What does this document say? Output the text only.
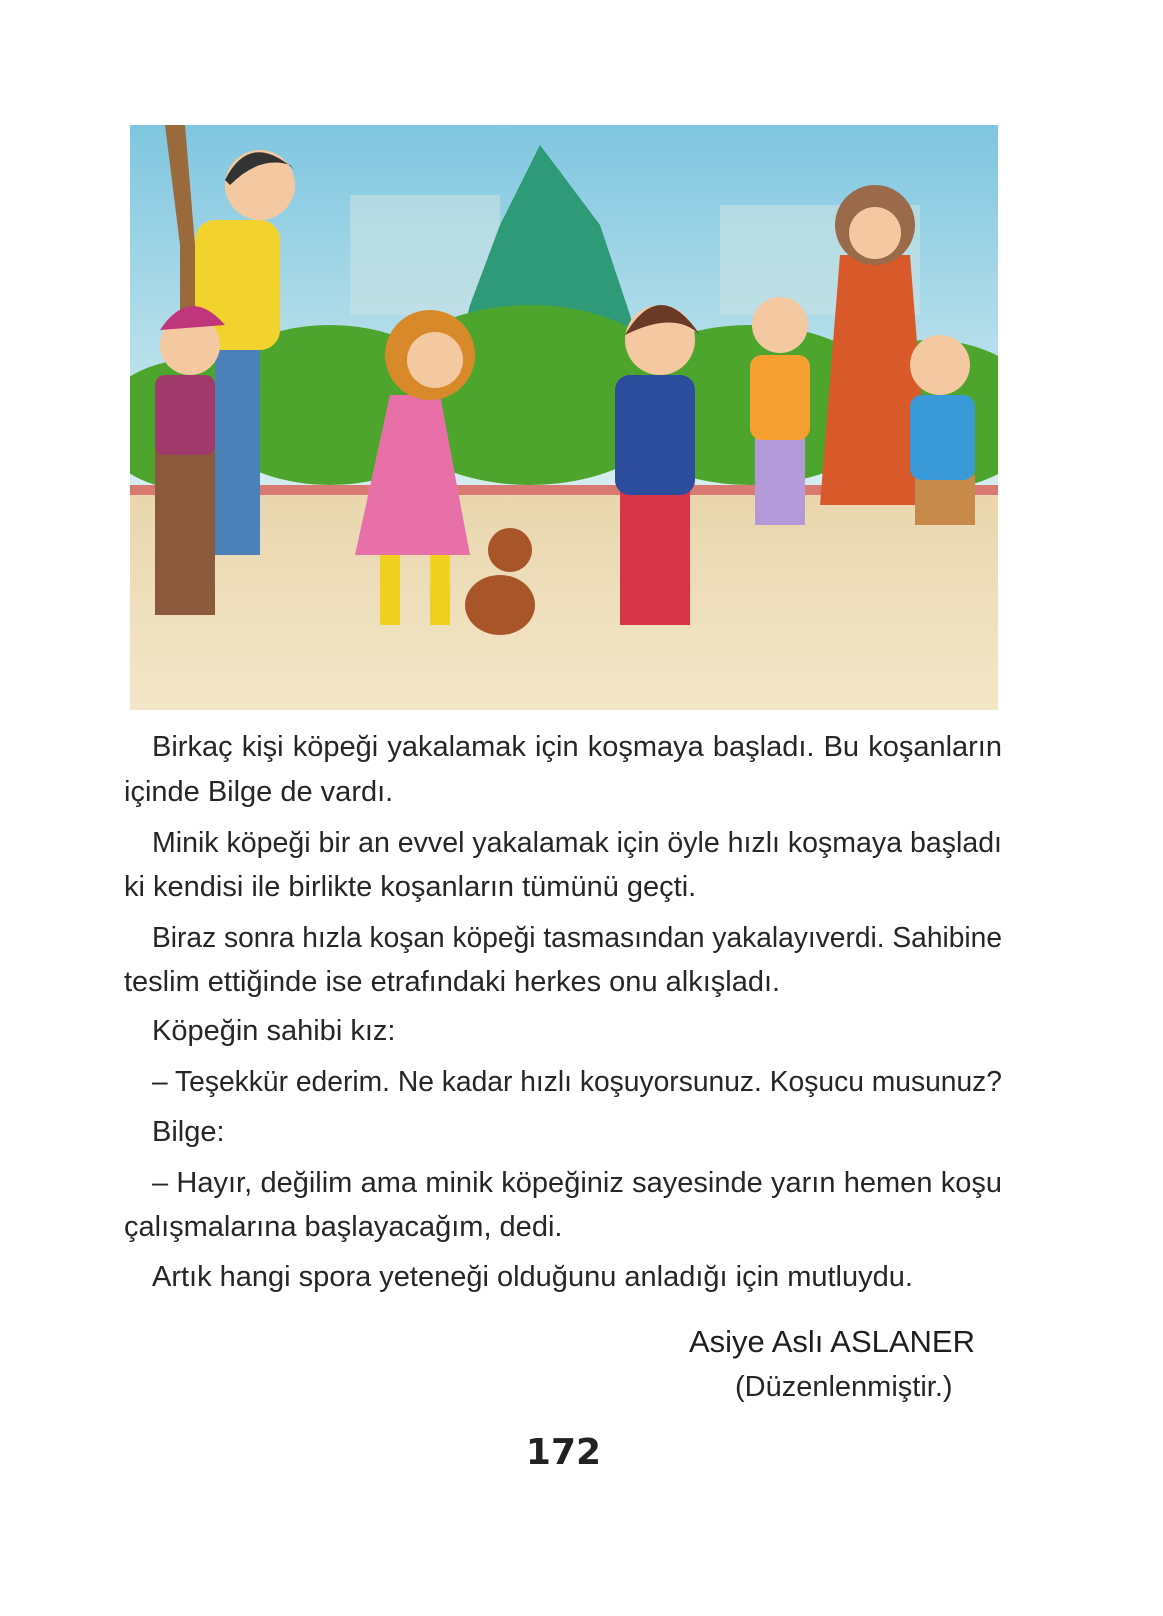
Birkaç kişi köpeği yakalamak için koşmaya başladı. Bu koşanların
içinde Bilge de vardı.
Minik köpeği bir an evvel yakalamak için öyle hızlı koşmaya başladı
ki kendisi ile birlikte koşanların tümünü geçti.
Biraz sonra hızla koşan köpeği tasmasından yakalayıverdi. Sahibine
teslim ettiğinde ise etrafındaki herkes onu alkışladı.
Köpeğin sahibi kız:
– Teşekkür ederim. Ne kadar hızlı koşuyorsunuz. Koşucu musunuz?
Bilge:
– Hayır, değilim ama minik köpeğiniz sayesinde yarın hemen koşu
çalışmalarına başlayacağım, dedi.
Artık hangi spora yeteneği olduğunu anladığı için mutluydu.
Asiye Aslı ASLANER
(Düzenlenmiştir.)
172
